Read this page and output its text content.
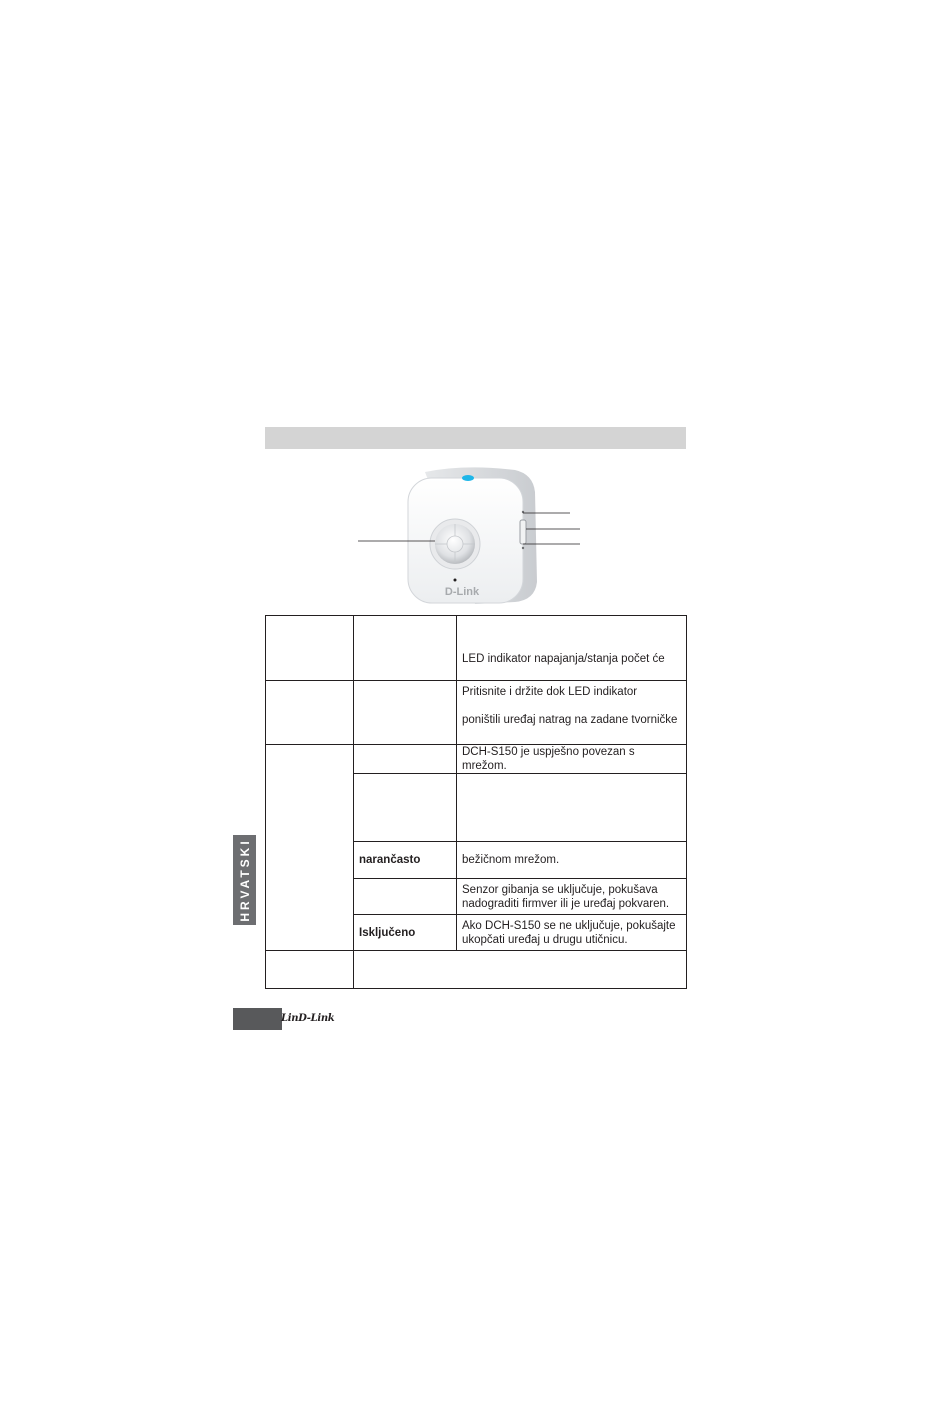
D-Link
		LED indikator napajanja/stanja počet će
		Pritisnite i držite dok LED indikator
poništili uređaj natrag na zadane tvorničke
		DCH-S150 je uspješno povezan s mrežom.

	narančasto	bežičnom mrežom.
		Senzor gibanja se uključuje, pokušava nadograditi firmver ili je uređaj pokvaren.
	Isključeno	Ako DCH-S150 se ne uključuje, pokušajte ukopčati uređaj u drugu utičnicu.

HRVATSKI
LinD-Link
